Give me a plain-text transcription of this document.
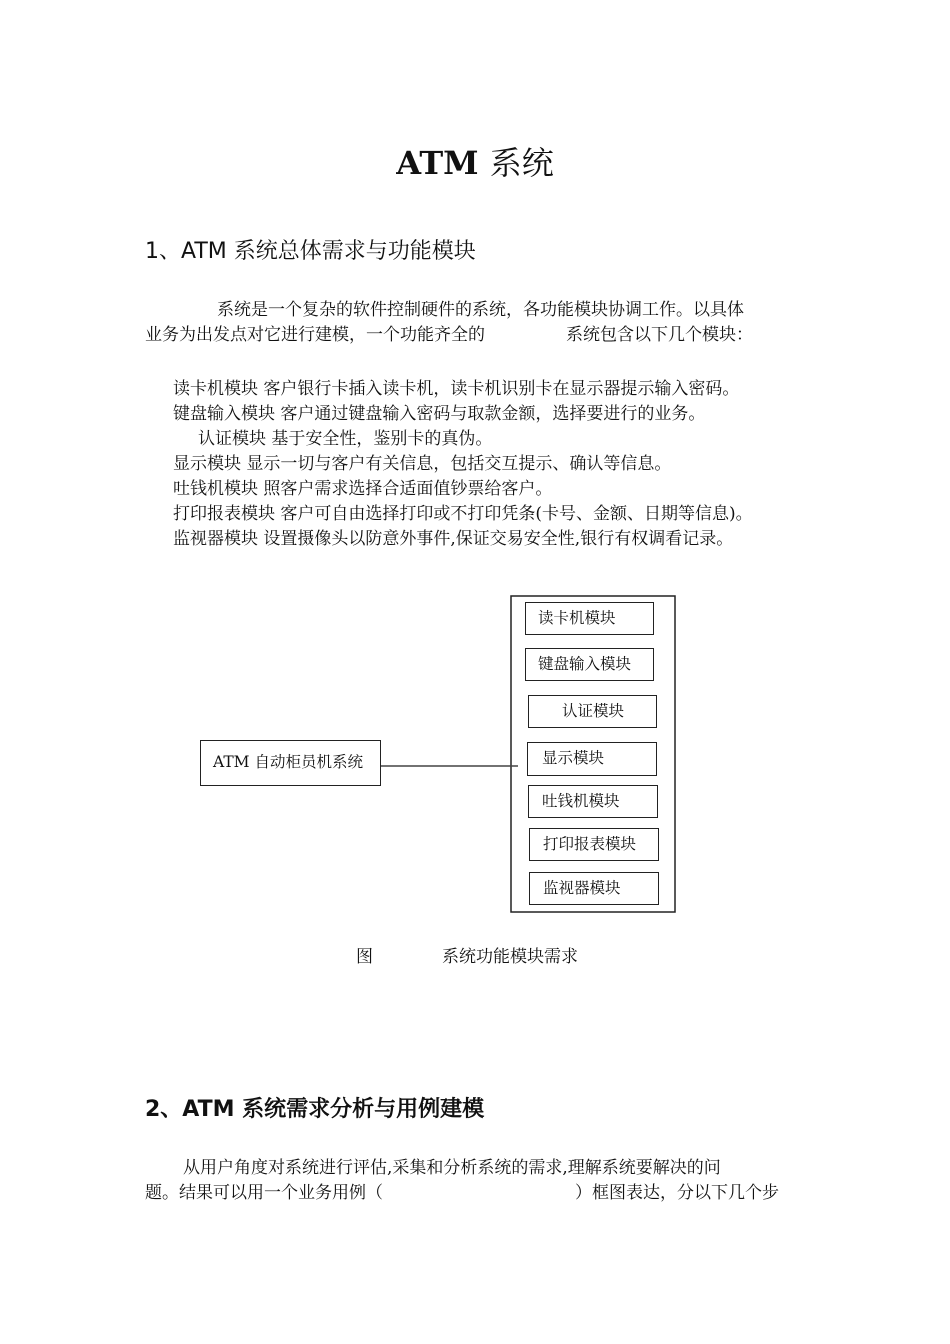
ATM 系统
1、ATM 系统总体需求与功能模块
系统是一个复杂的软件控制硬件的系统，各功能模块协调工作。以具体
业务为出发点对它进行建模，一个功能齐全的	系统包含以下几个模块：
读卡机模块 客户银行卡插入读卡机，读卡机识别卡在显示器提示输入密码。
键盘输入模块 客户通过键盘输入密码与取款金额，选择要进行的业务。
认证模块 基于安全性，鉴别卡的真伪。
显示模块 显示一切与客户有关信息，包括交互提示、确认等信息。
吐钱机模块 照客户需求选择合适面值钞票给客户。
打印报表模块 客户可自由选择打印或不打印凭条(卡号、金额、日期等信息)。
监视器模块 设置摄像头以防意外事件,保证交易安全性,银行有权调看记录。
ATM 自动柜员机系统
读卡机模块
键盘输入模块
认证模块
显示模块
吐钱机模块
打印报表模块
监视器模块
图	系统功能模块需求
2、ATM 系统需求分析与用例建模
从用户角度对系统进行评估,采集和分析系统的需求,理解系统要解决的问
题。结果可以用一个业务用例（	）框图表达，分以下几个步
